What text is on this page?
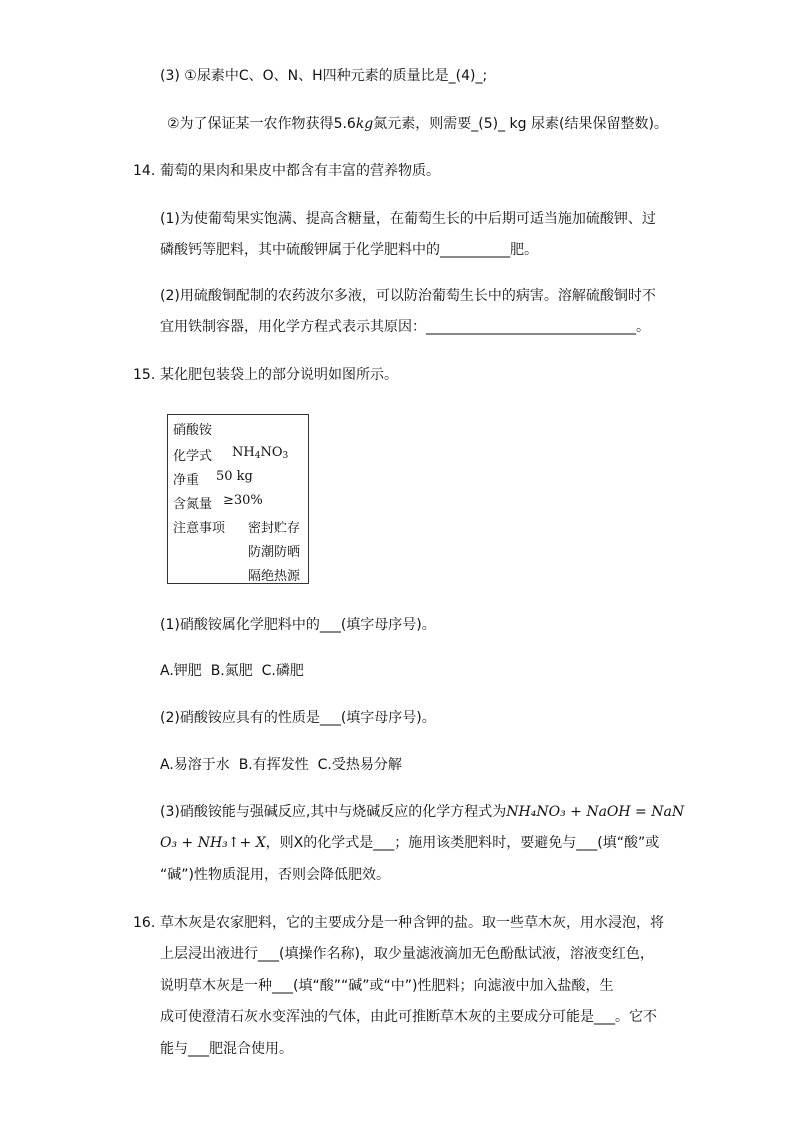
(3) ①尿素中C、O、N、H四种元素的质量比是_(4)_;
②为了保证某一农作物获得5.6kg氮元素，则需要_(5)_ kg 尿素(结果保留整数)。
14. 葡萄的果肉和果皮中都含有丰富的营养物质。
(1)为使葡萄果实饱满、提高含糖量，在葡萄生长的中后期可适当施加硫酸钾、过
磷酸钙等肥料，其中硫酸钾属于化学肥料中的__________肥。
(2)用硫酸铜配制的农药波尔多液，可以防治葡萄生长中的病害。溶解硫酸铜时不
宜用铁制容器，用化学方程式表示其原因：______________________________。
15. 某化肥包装袋上的部分说明如图所示。
硝酸铵
化学式 $NH_4NO_3$
净重 50 kg
含氮量 ≥30%
注意事项 密封贮存
防潮防晒
隔绝热源
(1)硝酸铵属化学肥料中的___(填字母序号)。
A.钾肥 B.氮肥 C.磷肥
(2)硝酸铵应具有的性质是___(填字母序号)。
A.易溶于水 B.有挥发性 C.受热易分解
(3)硝酸铵能与强碱反应,其中与烧碱反应的化学方程式为NH₄NO₃ + NaOH = NaN
O₃ + NH₃↑+ X，则X的化学式是___；施用该类肥料时，要避免与___(填“酸”或
“碱”)性物质混用，否则会降低肥效。
16. 草木灰是农家肥料，它的主要成分是一种含钾的盐。取一些草木灰，用水浸泡，将
上层浸出液进行___(填操作名称)，取少量滤液滴加无色酚酞试液，溶液变红色，
说明草木灰是一种___(填“酸”“碱”或“中”)性肥料；向滤液中加入盐酸，生
成可使澄清石灰水变浑浊的气体，由此可推断草木灰的主要成分可能是___。它不
能与___肥混合使用。
